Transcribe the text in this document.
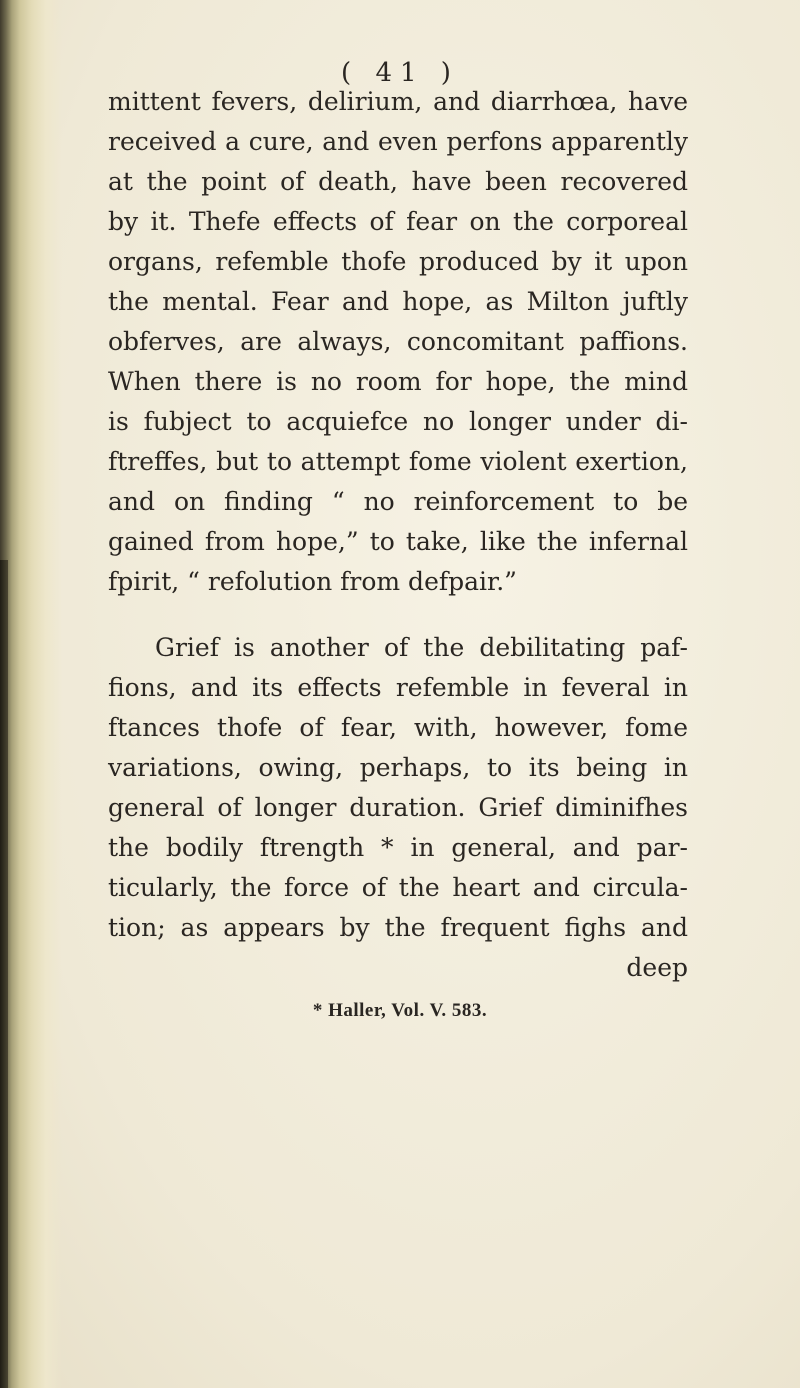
( 41 )
mittent fevers, delirium, and diarrhœa, have
received a cure, and even perfons apparently
at the point of death, have been recovered
by it. Thefe effects of fear on the corporeal
organs, refemble thofe produced by it upon
the mental. Fear and hope, as Milton juftly
obferves, are always, concomitant paffions.
When there is no room for hope, the mind
is fubject to acquiefce no longer under di-
ftreffes, but to attempt fome violent exertion,
and on finding “ no reinforcement to be
gained from hope,” to take, like the infernal
fpirit, “ refolution from defpair.”
Grief is another of the debilitating paf-
fions, and its effects refemble in feveral in
ftances thofe of fear, with, however, fome
variations, owing, perhaps, to its being in
general of longer duration. Grief diminifhes
the bodily ftrength * in general, and par-
ticularly, the force of the heart and circula-
tion; as appears by the frequent fighs and
deep
* Haller, Vol. V. 583.
